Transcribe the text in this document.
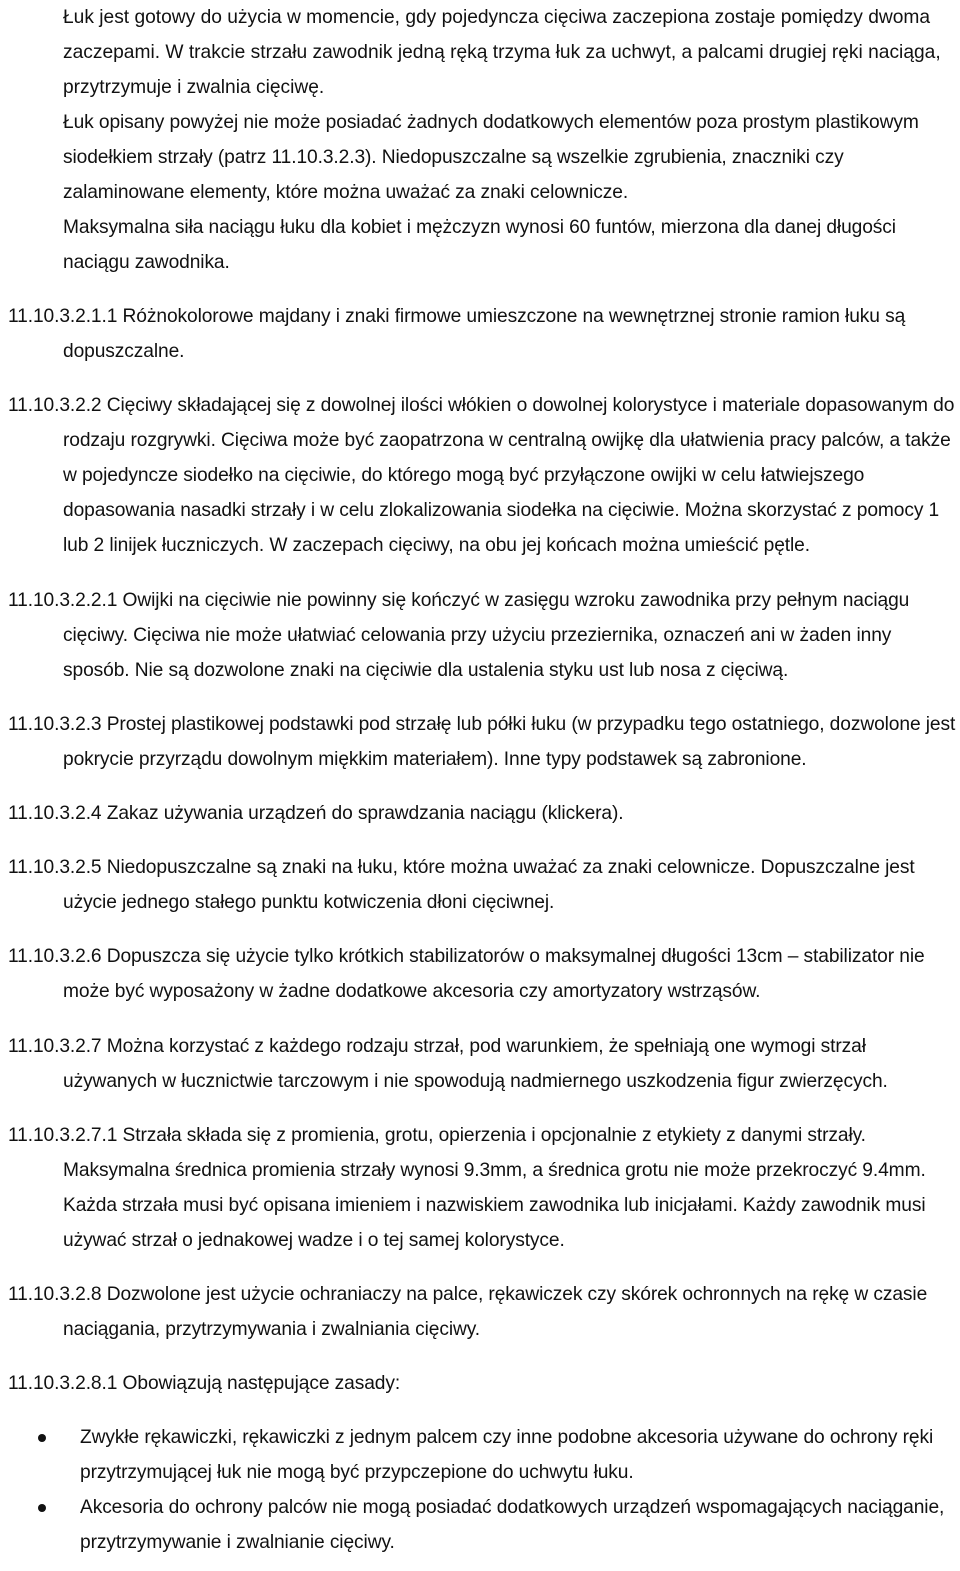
Łuk jest gotowy do użycia w momencie, gdy pojedyncza cięciwa zaczepiona zostaje pomiędzy dwoma zaczepami. W trakcie strzału zawodnik jedną ręką trzyma łuk za uchwyt, a palcami drugiej ręki naciąga, przytrzymuje i zwalnia cięciwę.

Łuk opisany powyżej nie może posiadać żadnych dodatkowych elementów poza prostym plastikowym siodełkiem strzały (patrz 11.10.3.2.3). Niedopuszczalne są wszelkie zgrubienia, znaczniki czy zalaminowane elementy, które można uważać za znaki celownicze.

Maksymalna siła naciągu łuku dla kobiet i mężczyzn wynosi 60 funtów, mierzona dla danej długości naciągu zawodnika.

11.10.3.2.1.1 Różnokolorowe majdany i znaki firmowe umieszczone na wewnętrznej stronie ramion łuku są dopuszczalne.

11.10.3.2.2 Cięciwy składającej się z dowolnej ilości włókien o dowolnej kolorystyce i materiale dopasowanym do rodzaju rozgrywki. Cięciwa może być zaopatrzona w centralną owijkę dla ułatwienia pracy palców, a także w pojedyncze siodełko na cięciwie, do którego mogą być przyłączone owijki w celu łatwiejszego dopasowania nasadki strzały i w celu zlokalizowania siodełka na cięciwie. Można skorzystać z pomocy 1 lub 2 linijek łuczniczych. W zaczepach cięciwy, na obu jej końcach można umieścić pętle.

11.10.3.2.2.1 Owijki na cięciwie nie powinny się kończyć w zasięgu wzroku zawodnika przy pełnym naciągu cięciwy. Cięciwa nie może ułatwiać celowania przy użyciu przeziernika, oznaczeń ani w żaden inny sposób. Nie są dozwolone znaki na cięciwie dla ustalenia styku ust lub nosa z cięciwą.

11.10.3.2.3 Prostej plastikowej podstawki pod strzałę lub półki łuku (w przypadku tego ostatniego, dozwolone jest pokrycie przyrządu dowolnym miękkim materiałem). Inne typy podstawek są zabronione.

11.10.3.2.4 Zakaz używania urządzeń do sprawdzania naciągu (klickera).

11.10.3.2.5 Niedopuszczalne są znaki na łuku, które można uważać za znaki celownicze. Dopuszczalne jest użycie jednego stałego punktu kotwiczenia dłoni cięciwnej.

11.10.3.2.6 Dopuszcza się użycie tylko krótkich stabilizatorów o maksymalnej długości 13cm – stabilizator nie może być wyposażony w żadne dodatkowe akcesoria czy amortyzatory wstrząsów.

11.10.3.2.7 Można korzystać z każdego rodzaju strzał, pod warunkiem, że spełniają one wymogi strzał używanych w łucznictwie tarczowym i nie spowodują nadmiernego uszkodzenia figur zwierzęcych.

11.10.3.2.7.1 Strzała składa się z promienia, grotu, opierzenia i opcjonalnie z etykiety z danymi strzały. Maksymalna średnica promienia strzały wynosi 9.3mm, a średnica grotu nie może przekroczyć 9.4mm. Każda strzała musi być opisana imieniem i nazwiskiem zawodnika lub inicjałami. Każdy zawodnik musi używać strzał o jednakowej wadze i o tej samej kolorystyce.

11.10.3.2.8 Dozwolone jest użycie ochraniaczy na palce, rękawiczek czy skórek ochronnych na rękę w czasie naciągania, przytrzymywania i zwalniania cięciwy.

11.10.3.2.8.1 Obowiązują następujące zasady:

Zwykłe rękawiczki, rękawiczki z jednym palcem czy inne podobne akcesoria używane do ochrony ręki przytrzymującej łuk nie mogą być przypczepione do uchwytu łuku.
Akcesoria do ochrony palców nie mogą posiadać dodatkowych urządzeń wspomagających naciąganie, przytrzymywanie i zwalnianie cięciwy.
